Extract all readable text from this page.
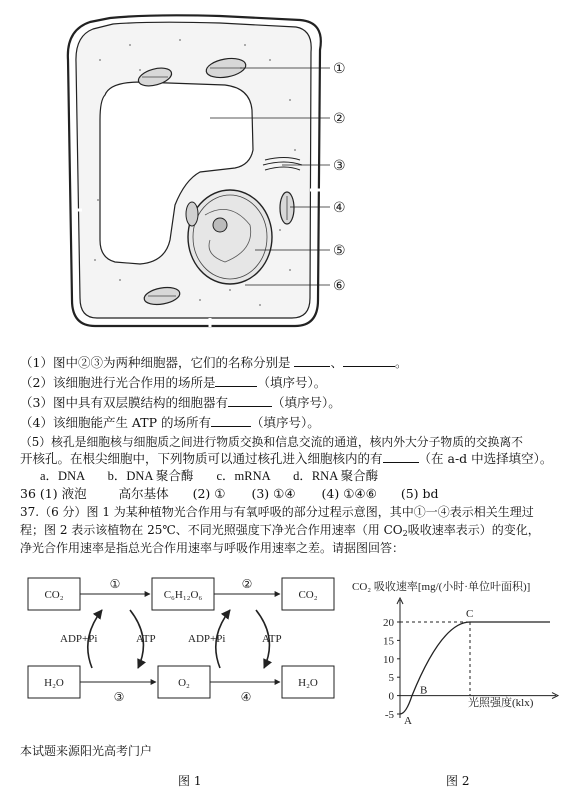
①
②
③
④
⑤
⑥
（1）图中②③为两种细胞器，它们的名称分别是	、	。
（2）该细胞进行光合作用的场所是	（填序号）。
（3）图中具有双层膜结构的细胞器有	（填序号）。
（4）该细胞能产生 ATP 的场所有	（填序号）。
（5）核孔是细胞核与细胞质之间进行物质交换和信息交流的通道，核内外大分子物质的交换离不
开核孔。在根尖细胞中，下列物质可以通过核孔进入细胞核内的有	（在 a-d 中选择填空）。
a．DNA b．DNA 聚合酶 c．mRNA d．RNA 聚合酶
36 (1) 液泡	高尔基体 (2) ① (3) ①④ (4) ①④⑥ (5) bd
37.（6 分）图 1 为某种植物光合作用与有氧呼吸的部分过程示意图，其中①一④表示相关生理过
程；图 2 表示该植物在 25℃、不同光照强度下净光合作用速率（用 $CO_2$吸收速率表示）的变化，
净光合作用速率是指总光合作用速率与呼吸作用速率之差。请据图回答：
CO₂	C₆H₁₂O₆	CO₂
H₂O	O₂	H₂O
①	②
③	④
ADP+Pi	ATP	ADP+Pi	ATP
CO₂ 吸收速率[mg/(小时·单位叶面积)]
20
15
10
5
0
-5 A
B
C
光照强度(klx)
本试题来源阳光高考门户
图 1	图 2
